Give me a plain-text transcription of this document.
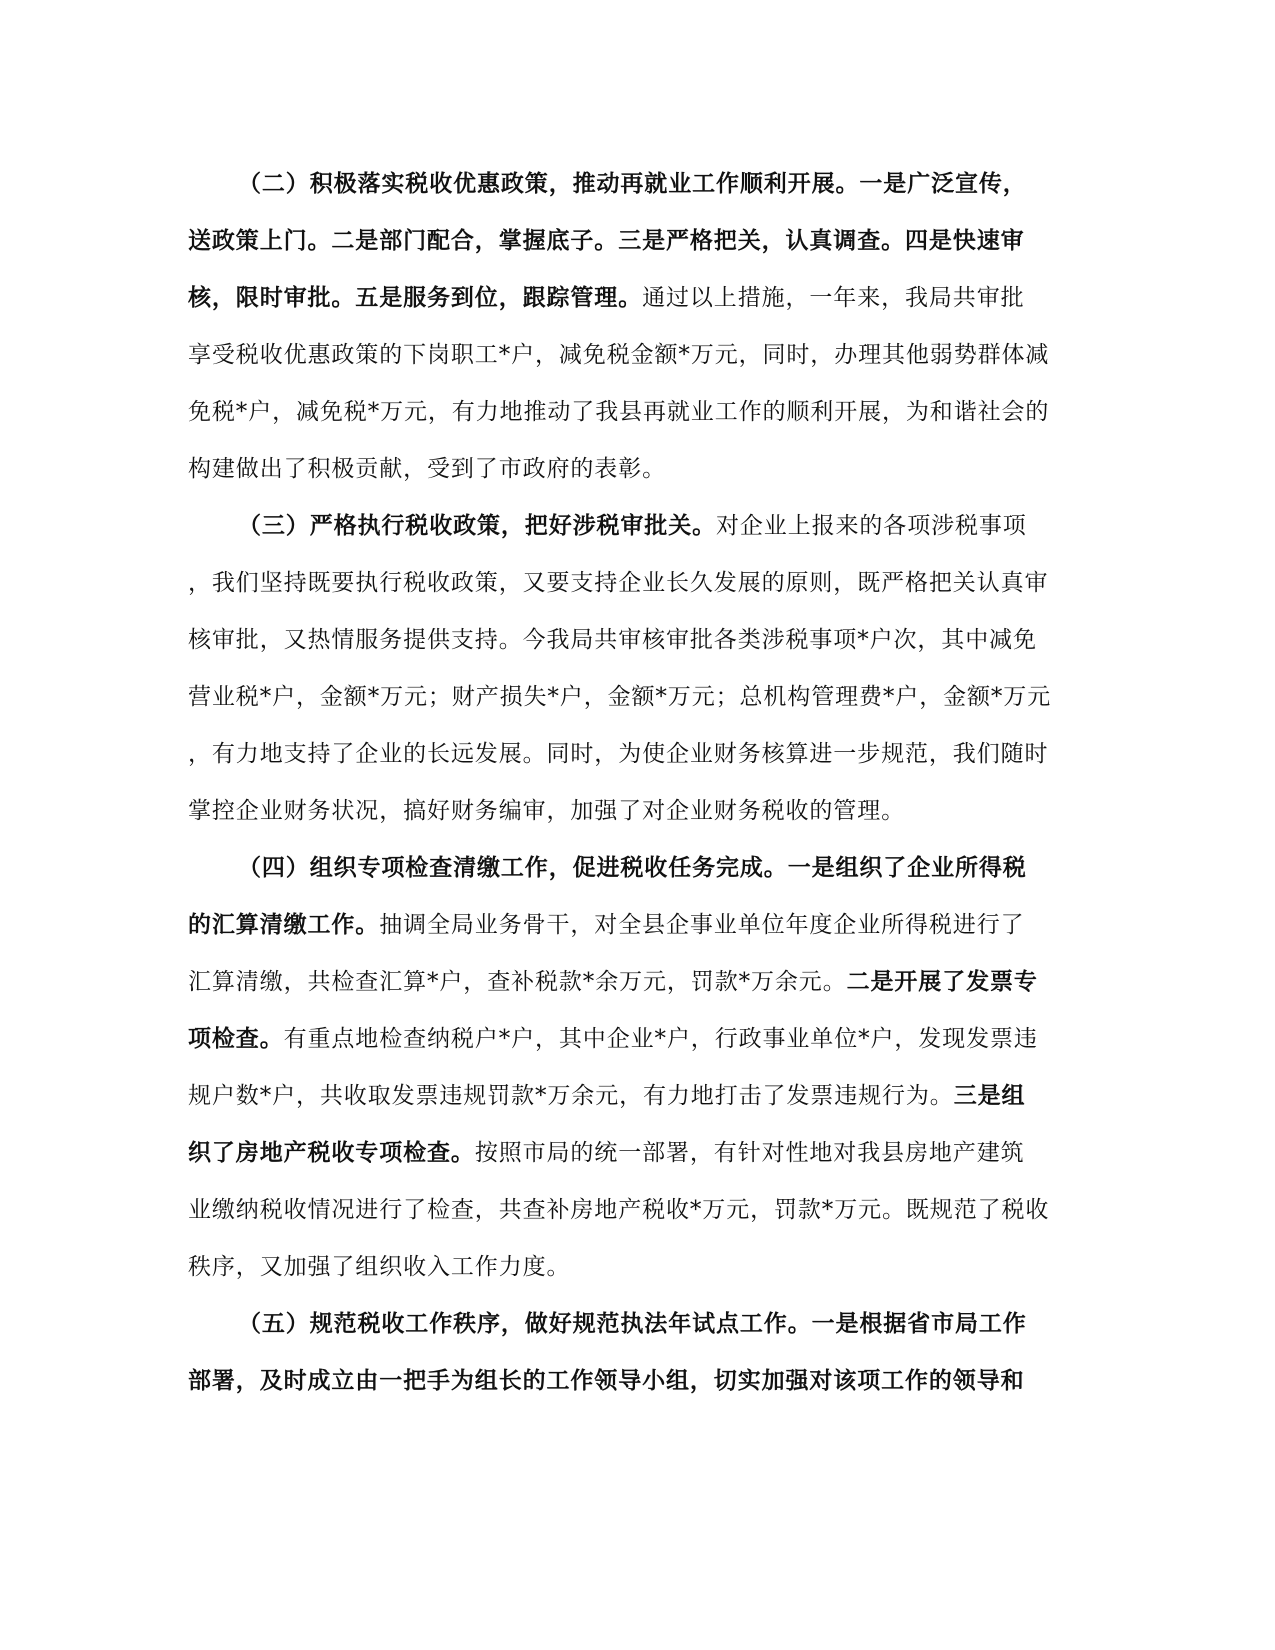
（二）积极落实税收优惠政策，推动再就业工作顺利开展。一是广泛宣传，
送政策上门。二是部门配合，掌握底子。三是严格把关，认真调查。四是快速审
核，限时审批。五是服务到位，跟踪管理。通过以上措施，一年来，我局共审批
享受税收优惠政策的下岗职工*户，减免税金额*万元，同时，办理其他弱势群体减
免税*户，减免税*万元，有力地推动了我县再就业工作的顺利开展，为和谐社会的
构建做出了积极贡献，受到了市政府的表彰。
（三）严格执行税收政策，把好涉税审批关。对企业上报来的各项涉税事项
，我们坚持既要执行税收政策，又要支持企业长久发展的原则，既严格把关认真审
核审批，又热情服务提供支持。今我局共审核审批各类涉税事项*户次，其中减免
营业税*户，金额*万元；财产损失*户，金额*万元；总机构管理费*户，金额*万元
，有力地支持了企业的长远发展。同时，为使企业财务核算进一步规范，我们随时
掌控企业财务状况，搞好财务编审，加强了对企业财务税收的管理。
（四）组织专项检查清缴工作，促进税收任务完成。一是组织了企业所得税
的汇算清缴工作。抽调全局业务骨干，对全县企事业单位年度企业所得税进行了
汇算清缴，共检查汇算*户，查补税款*余万元，罚款*万余元。二是开展了发票专
项检查。有重点地检查纳税户*户，其中企业*户，行政事业单位*户，发现发票违
规户数*户，共收取发票违规罚款*万余元，有力地打击了发票违规行为。三是组
织了房地产税收专项检查。按照市局的统一部署，有针对性地对我县房地产建筑
业缴纳税收情况进行了检查，共查补房地产税收*万元，罚款*万元。既规范了税收
秩序，又加强了组织收入工作力度。
（五）规范税收工作秩序，做好规范执法年试点工作。一是根据省市局工作
部署，及时成立由一把手为组长的工作领导小组，切实加强对该项工作的领导和
